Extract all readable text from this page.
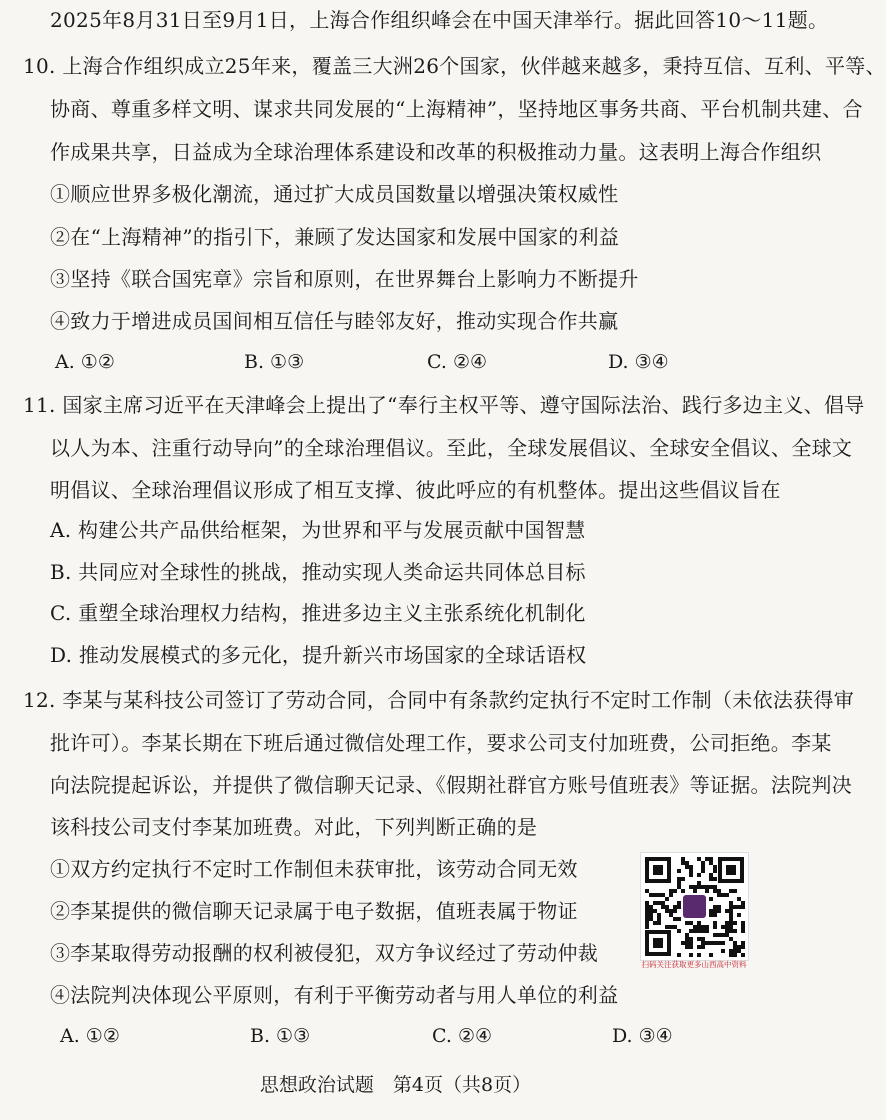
2025年8月31日至9月1日，上海合作组织峰会在中国天津举行。据此回答10～11题。
10. 上海合作组织成立25年来，覆盖三大洲26个国家，伙伴越来越多，秉持互信、互利、平等、
协商、尊重多样文明、谋求共同发展的“上海精神”，坚持地区事务共商、平台机制共建、合
作成果共享，日益成为全球治理体系建设和改革的积极推动力量。这表明上海合作组织
①顺应世界多极化潮流，通过扩大成员国数量以增强决策权威性
②在“上海精神”的指引下，兼顾了发达国家和发展中国家的利益
③坚持《联合国宪章》宗旨和原则，在世界舞台上影响力不断提升
④致力于增进成员国间相互信任与睦邻友好，推动实现合作共赢
A. ①②	B. ①③	C. ②④	D. ③④
11. 国家主席习近平在天津峰会上提出了“奉行主权平等、遵守国际法治、践行多边主义、倡导
以人为本、注重行动导向”的全球治理倡议。至此，全球发展倡议、全球安全倡议、全球文
明倡议、全球治理倡议形成了相互支撑、彼此呼应的有机整体。提出这些倡议旨在
A. 构建公共产品供给框架，为世界和平与发展贡献中国智慧
B. 共同应对全球性的挑战，推动实现人类命运共同体总目标
C. 重塑全球治理权力结构，推进多边主义主张系统化机制化
D. 推动发展模式的多元化，提升新兴市场国家的全球话语权
12. 李某与某科技公司签订了劳动合同，合同中有条款约定执行不定时工作制（未依法获得审
批许可）。李某长期在下班后通过微信处理工作，要求公司支付加班费，公司拒绝。李某
向法院提起诉讼，并提供了微信聊天记录、《假期社群官方账号值班表》等证据。法院判决
该科技公司支付李某加班费。对此，下列判断正确的是
①双方约定执行不定时工作制但未获审批，该劳动合同无效
②李某提供的微信聊天记录属于电子数据，值班表属于物证
③李某取得劳动报酬的权利被侵犯，双方争议经过了劳动仲裁
④法院判决体现公平原则，有利于平衡劳动者与用人单位的利益
A. ①②	B. ①③	C. ②④	D. ③④
扫码关注获取更多山西高中资料
思想政治试题　第4页（共8页）
